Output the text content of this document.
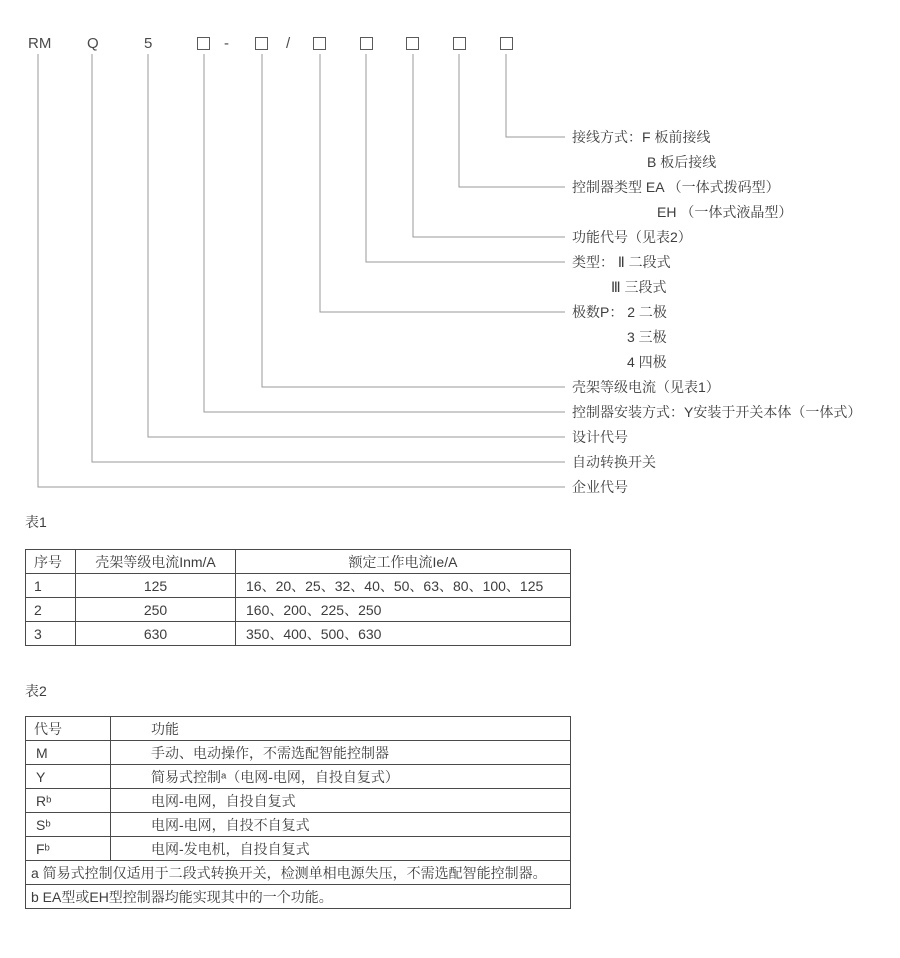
RM Q	5	-	/
接线方式：F 板前接线
B 板后接线
控制器类型 EA （一体式拨码型）
EH （一体式液晶型）
功能代号（见表2）
类型： Ⅱ 二段式
Ⅲ 三段式
极数P： 2 二极
3 三极
4 四极
壳架等级电流（见表1）
控制器安装方式：Y安装于开关本体（一体式）
设计代号
自动转换开关
企业代号
表1
序号	壳架等级电流Inm/A	额定工作电流Ie/A
1	125	16、20、25、32、40、50、63、80、100、125
2	250	160、200、225、250
3	630	350、400、500、630
表2
代号	功能
M	手动、电动操作，不需选配智能控制器
Y	简易式控制ᵃ（电网-电网，自投自复式）
Rᵇ	电网-电网，自投自复式
Sᵇ	电网-电网，自投不自复式
Fᵇ	电网-发电机，自投自复式
a 简易式控制仅适用于二段式转换开关，检测单相电源失压，不需选配智能控制器。	
b EA型或EH型控制器均能实现其中的一个功能。	
